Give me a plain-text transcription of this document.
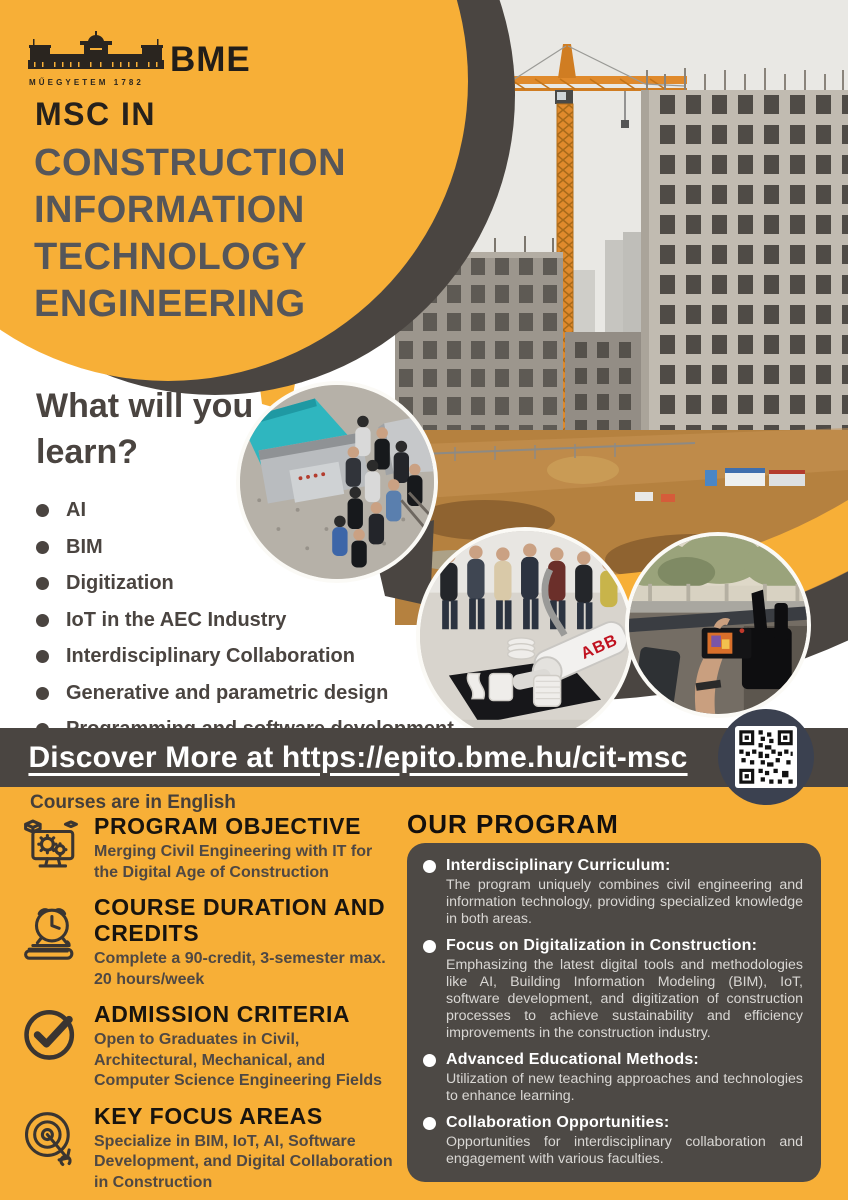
MŰEGYETEM 1782
BME
MSC IN
CONSTRUCTION
INFORMATION
TECHNOLOGY
ENGINEERING
What will you learn?
AI
BIM
Digitization
IoT in the AEC Industry
Interdisciplinary Collaboration
Generative and parametric design
ABB
Discover More at https://epito.bme.hu/cit-msc
Courses are in English
PROGRAM OBJECTIVE

Merging Civil Engineering with IT for the Digital Age of Construction

COURSE DURATION AND CREDITS

Complete a 90-credit, 3-semester max. 20 hours/week

ADMISSION CRITERIA

Open to Graduates in Civil, Architectural, Mechanical, and Computer Science Engineering Fields

KEY FOCUS AREAS

Specialize in BIM, IoT, AI, Software Development, and Digital Collaboration in Construction

OUR PROGRAM
Interdisciplinary Curriculum:

The program uniquely combines civil engineering and information technology, providing specialized knowledge in both areas.

Focus on Digitalization in Construction:

Emphasizing the latest digital tools and methodologies like AI, Building Information Modeling (BIM), IoT, software development, and digitization of construction processes to achieve sustainability and efficiency improvements in the construction industry.

Advanced Educational Methods:

Utilization of new teaching approaches and technologies to enhance learning.

Collaboration Opportunities:

Opportunities for interdisciplinary collaboration and engagement with various faculties.
